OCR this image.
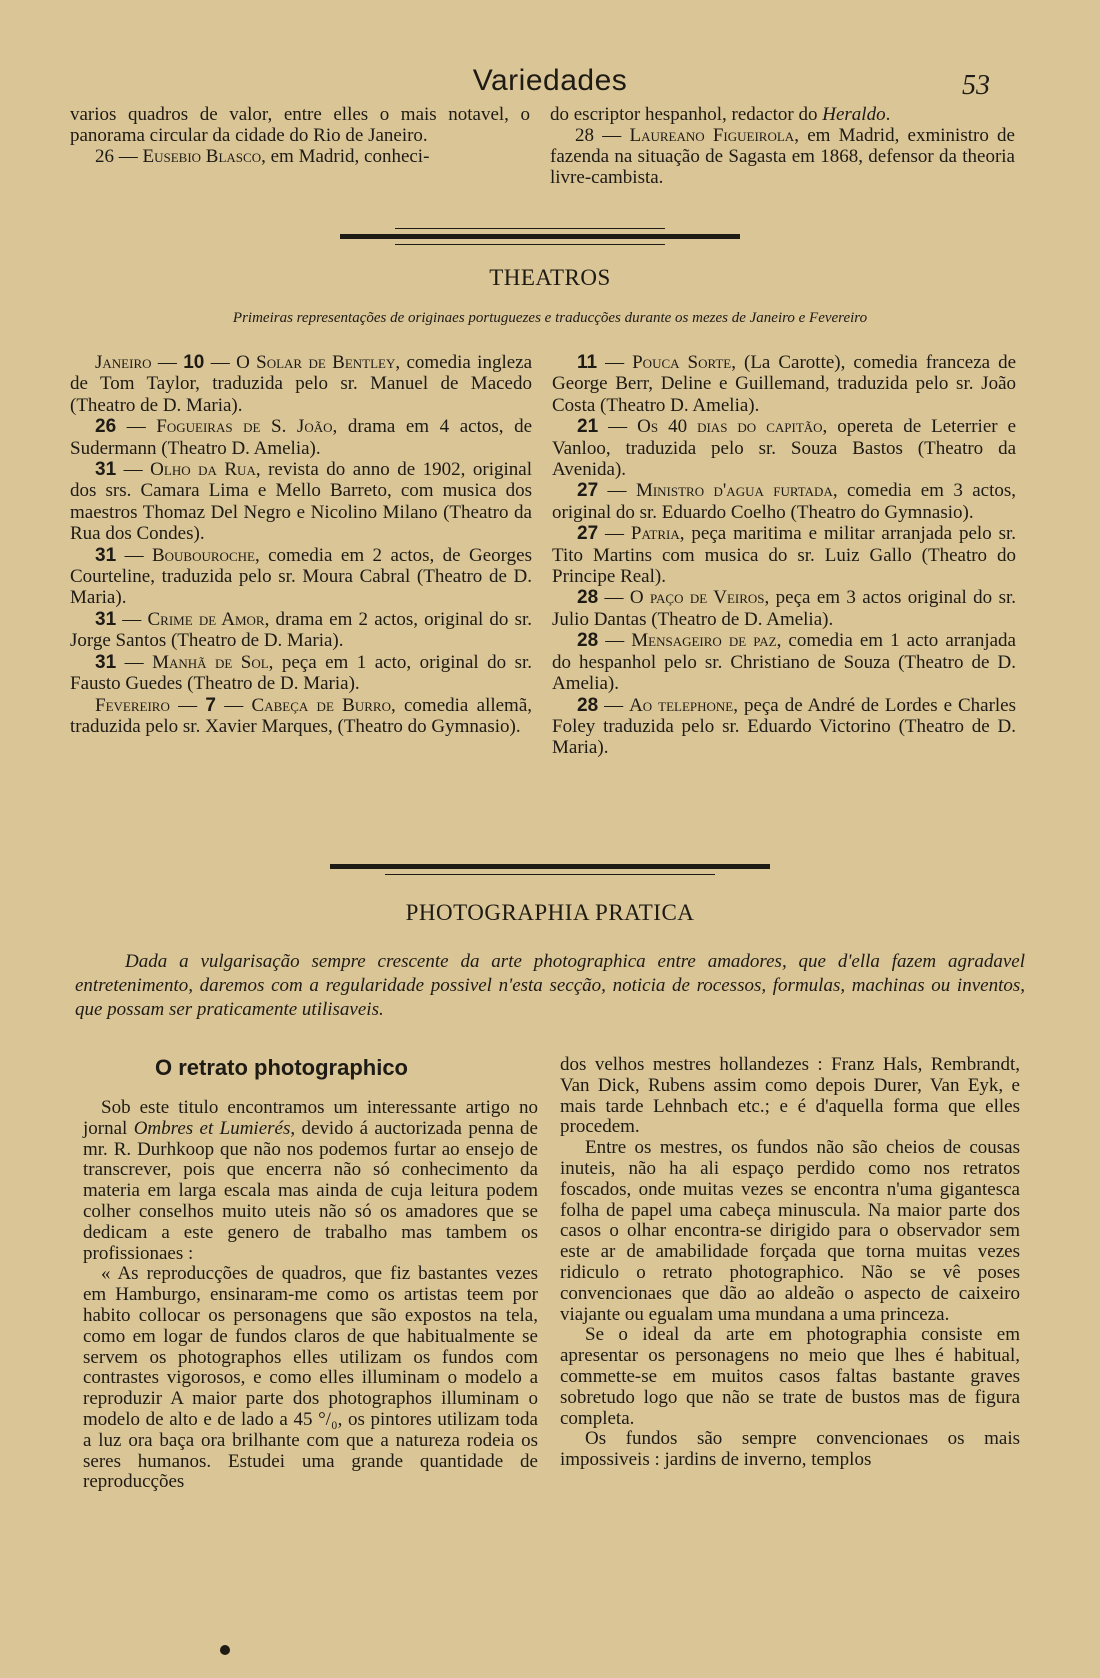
Variedades	53

varios quadros de valor, entre elles o mais notavel, o panorama circular da cidade do Rio de Janeiro.

26 — Eusebio Blasco, em Madrid, conheci-

do escriptor hespanhol, redactor do Heraldo.

28 — Laureano Figueirola, em Madrid, exministro de fazenda na situação de Sagasta em 1868, defensor da theoria livre-cambista.

THEATROS
Primeiras representações de originaes portuguezes e traducções durante os mezes de Janeiro e Fevereiro

Janeiro — 10 — O Solar de Bentley, comedia ingleza de Tom Taylor, traduzida pelo sr. Manuel de Macedo (Theatro de D. Maria).

26 — Fogueiras de S. João, drama em 4 actos, de Sudermann (Theatro D. Amelia).

31 — Olho da Rua, revista do anno de 1902, original dos srs. Camara Lima e Mello Barreto, com musica dos maestros Thomaz Del Negro e Nicolino Milano (Theatro da Rua dos Condes).

31 — Boubouroche, comedia em 2 actos, de Georges Courteline, traduzida pelo sr. Moura Cabral (Theatro de D. Maria).

31 — Crime de Amor, drama em 2 actos, original do sr. Jorge Santos (Theatro de D. Maria).

31 — Manhã de Sol, peça em 1 acto, original do sr. Fausto Guedes (Theatro de D. Maria).

Fevereiro — 7 — Cabeça de Burro, comedia allemã, traduzida pelo sr. Xavier Marques, (Theatro do Gymnasio).

11 — Pouca Sorte, (La Carotte), comedia franceza de George Berr, Deline e Guillemand, traduzida pelo sr. João Costa (Theatro D. Amelia).

21 — Os 40 dias do capitão, opereta de Leterrier e Vanloo, traduzida pelo sr. Souza Bastos (Theatro da Avenida).

27 — Ministro d'agua furtada, comedia em 3 actos, original do sr. Eduardo Coelho (Theatro do Gymnasio).

27 — Patria, peça maritima e militar arranjada pelo sr. Tito Martins com musica do sr. Luiz Gallo (Theatro do Principe Real).

28 — O paço de Veiros, peça em 3 actos original do sr. Julio Dantas (Theatro de D. Amelia).

28 — Mensageiro de paz, comedia em 1 acto arranjada do hespanhol pelo sr. Christiano de Souza (Theatro de D. Amelia).

28 — Ao telephone, peça de André de Lordes e Charles Foley traduzida pelo sr. Eduardo Victorino (Theatro de D. Maria).

PHOTOGRAPHIA PRATICA
Dada a vulgarisação sempre crescente da arte photographica entre amadores, que d'ella fazem agradavel entretenimento, daremos com a regularidade possivel n'esta secção, noticia de rocessos, formulas, machinas ou inventos, que possam ser praticamente utilisaveis.
O retrato photographico

Sob este titulo encontramos um interessante artigo no jornal Ombres et Lumierés, devido á auctorizada penna de mr. R. Durhkoop que não nos podemos furtar ao ensejo de transcrever, pois que encerra não só conhecimento da materia em larga escala mas ainda de cuja leitura podem colher conselhos muito uteis não só os amadores que se dedicam a este genero de trabalho mas tambem os profissionaes :

« As reproducções de quadros, que fiz bastantes vezes em Hamburgo, ensinaram-me como os artistas teem por habito collocar os personagens que são expostos na tela, como em logar de fundos claros de que habitualmente se servem os photographos elles utilizam os fundos com contrastes vigorosos, e como elles illuminam o modelo a reproduzir A maior parte dos photographos illuminam o modelo de alto e de lado a 45 °/₀, os pintores utilizam toda a luz ora baça ora brilhante com que a natureza rodeia os seres humanos. Estudei uma grande quantidade de reproducções

dos velhos mestres hollandezes : Franz Hals, Rembrandt, Van Dick, Rubens assim como depois Durer, Van Eyk, e mais tarde Lehnbach etc.; e é d'aquella forma que elles procedem.

Entre os mestres, os fundos não são cheios de cousas inuteis, não ha ali espaço perdido como nos retratos foscados, onde muitas vezes se encontra n'uma gigantesca folha de papel uma cabeça minuscula. Na maior parte dos casos o olhar encontra-se dirigido para o observador sem este ar de amabilidade forçada que torna muitas vezes ridiculo o retrato photographico. Não se vê poses convencionaes que dão ao aldeão o aspecto de caixeiro viajante ou egualam uma mundana a uma princeza.

Se o ideal da arte em photographia consiste em apresentar os personagens no meio que lhes é habitual, commette-se em muitos casos faltas bastante graves sobretudo logo que não se trate de bustos mas de figura completa.

Os fundos são sempre convencionaes os mais impossiveis : jardins de inverno, templos
